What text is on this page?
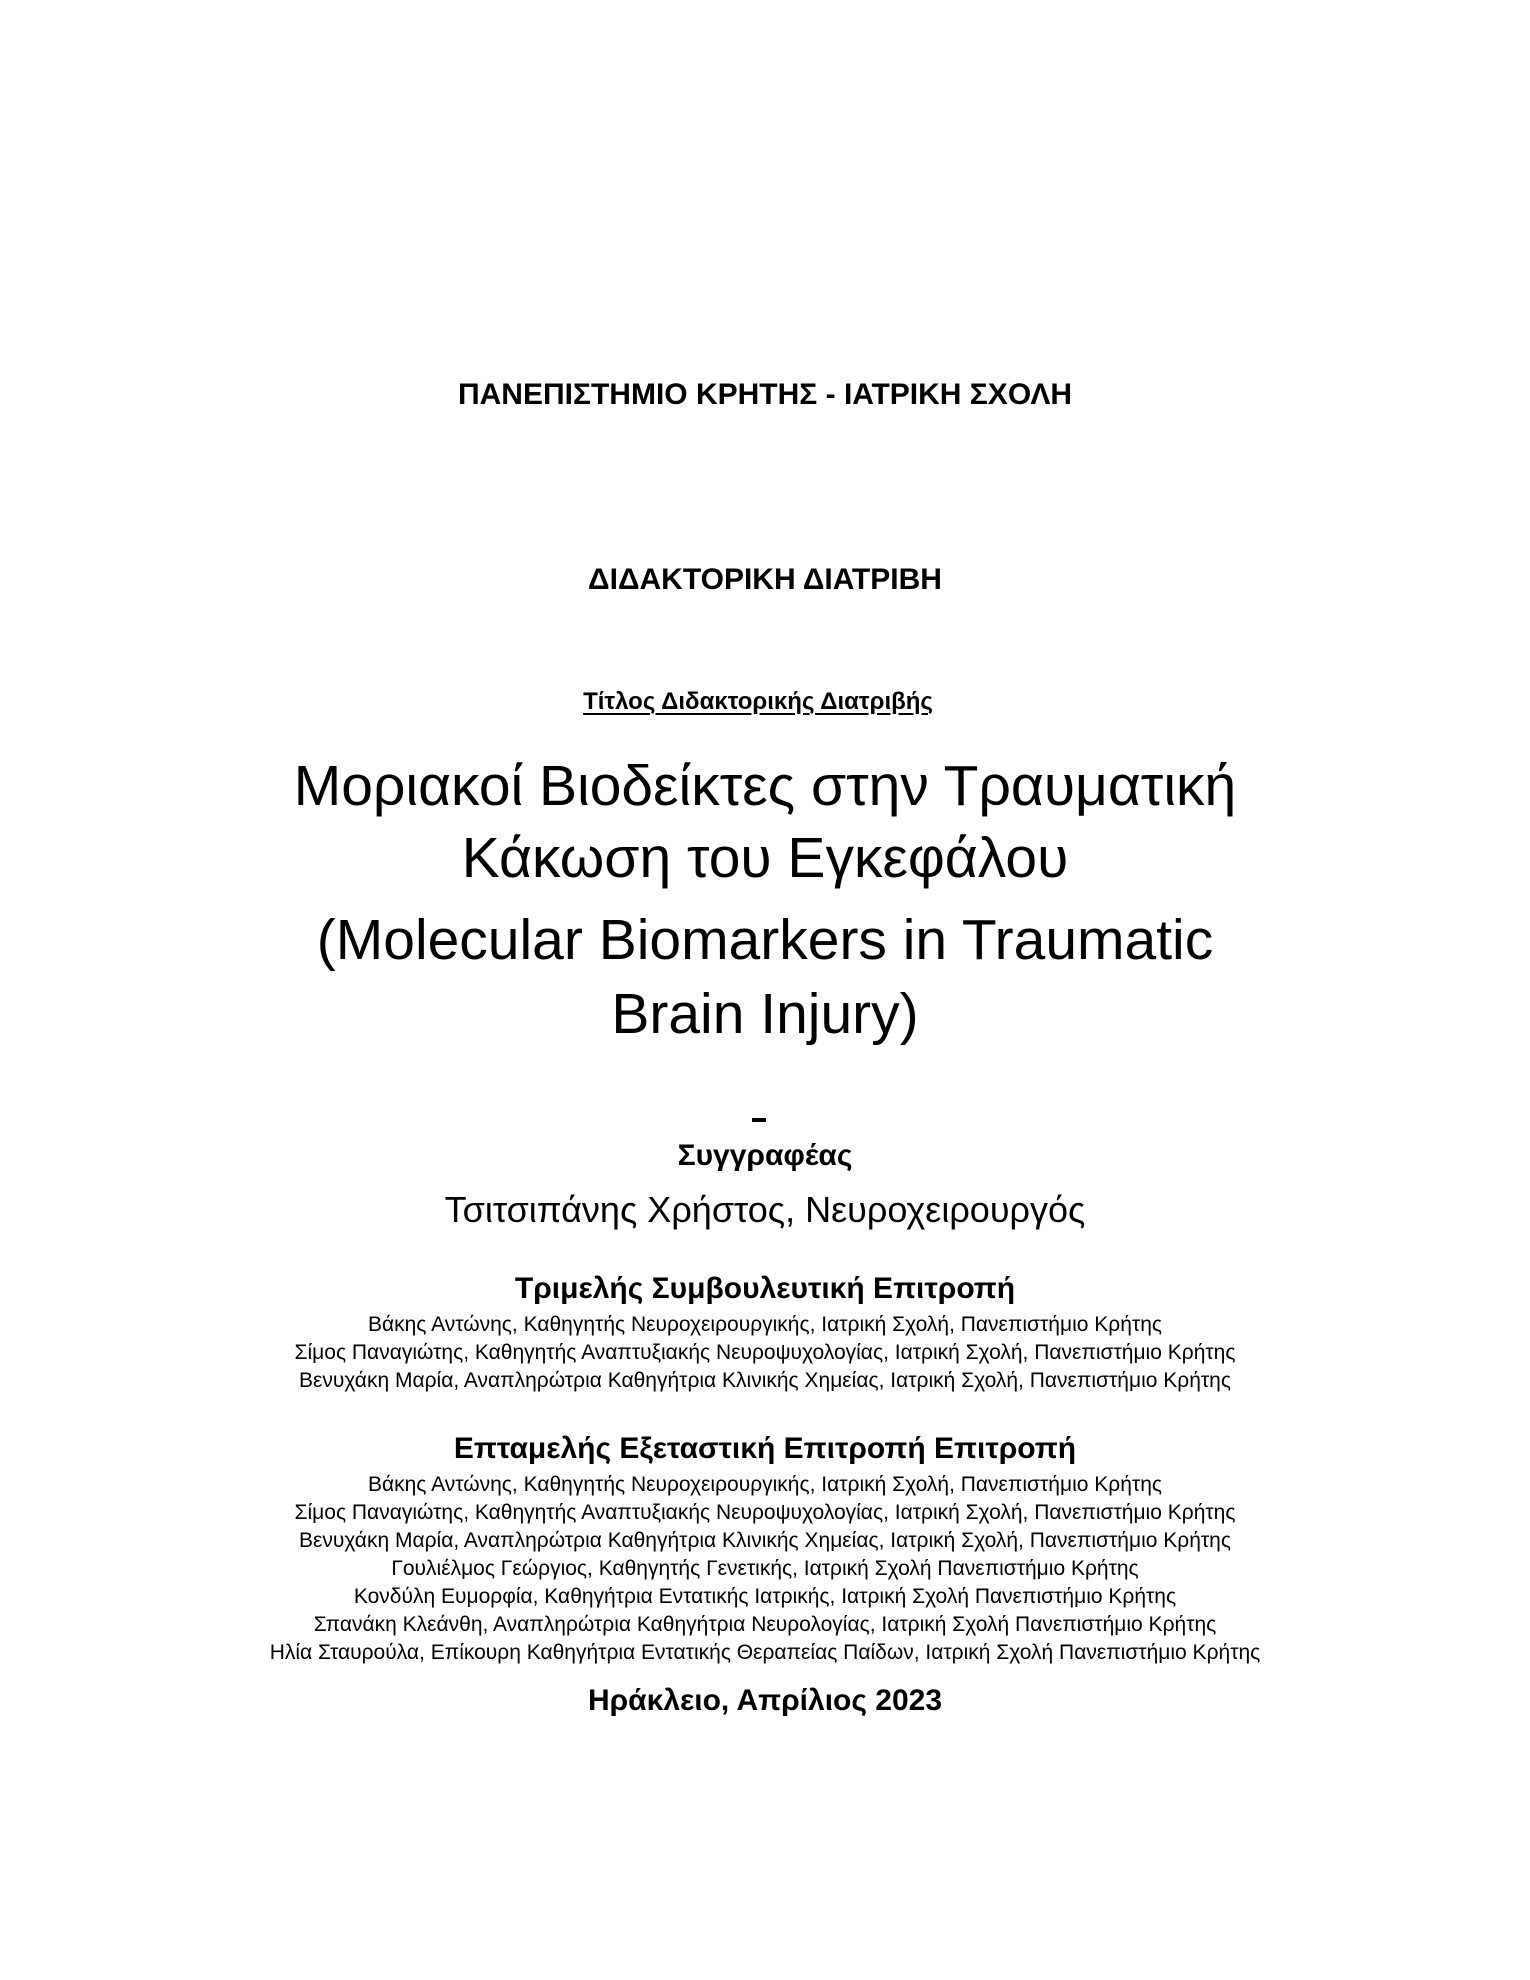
ΠΑΝΕΠΙΣΤΗΜΙΟ ΚΡΗΤΗΣ - ΙΑΤΡΙΚΗ ΣΧΟΛΗ
ΔΙΔΑΚΤΟΡΙΚΗ ΔΙΑΤΡΙΒΗ
Τίτλος Διδακτορικής Διατριβής
Μοριακοί Βιοδείκτες στην Τραυματική
Κάκωση του Εγκεφάλου
(Molecular Biomarkers in Traumatic
Brain Injury)
Συγγραφέας
Τσιτσιπάνης Χρήστος, Νευροχειρουργός
Τριμελής Συμβουλευτική Επιτροπή
Βάκης Αντώνης, Καθηγητής Νευροχειρουργικής, Ιατρική Σχολή, Πανεπιστήμιο Κρήτης
Σίμος Παναγιώτης, Καθηγητής Αναπτυξιακής Νευροψυχολογίας, Ιατρική Σχολή, Πανεπιστήμιο Κρήτης
Βενυχάκη Μαρία, Αναπληρώτρια Καθηγήτρια Κλινικής Χημείας, Ιατρική Σχολή, Πανεπιστήμιο Κρήτης
Επταμελής Εξεταστική Επιτροπή Επιτροπή
Βάκης Αντώνης, Καθηγητής Νευροχειρουργικής, Ιατρική Σχολή, Πανεπιστήμιο Κρήτης
Σίμος Παναγιώτης, Καθηγητής Αναπτυξιακής Νευροψυχολογίας, Ιατρική Σχολή, Πανεπιστήμιο Κρήτης
Βενυχάκη Μαρία, Αναπληρώτρια Καθηγήτρια Κλινικής Χημείας, Ιατρική Σχολή, Πανεπιστήμιο Κρήτης
Γουλιέλμος Γεώργιος, Καθηγητής Γενετικής, Ιατρική Σχολή Πανεπιστήμιο Κρήτης
Κονδύλη Ευμορφία, Καθηγήτρια Εντατικής Ιατρικής, Ιατρική Σχολή Πανεπιστήμιο Κρήτης
Σπανάκη Κλεάνθη, Αναπληρώτρια Καθηγήτρια Νευρολογίας, Ιατρική Σχολή Πανεπιστήμιο Κρήτης
Ηλία Σταυρούλα, Επίκουρη Καθηγήτρια Εντατικής Θεραπείας Παίδων, Ιατρική Σχολή Πανεπιστήμιο Κρήτης
Ηράκλειο, Απρίλιος 2023
